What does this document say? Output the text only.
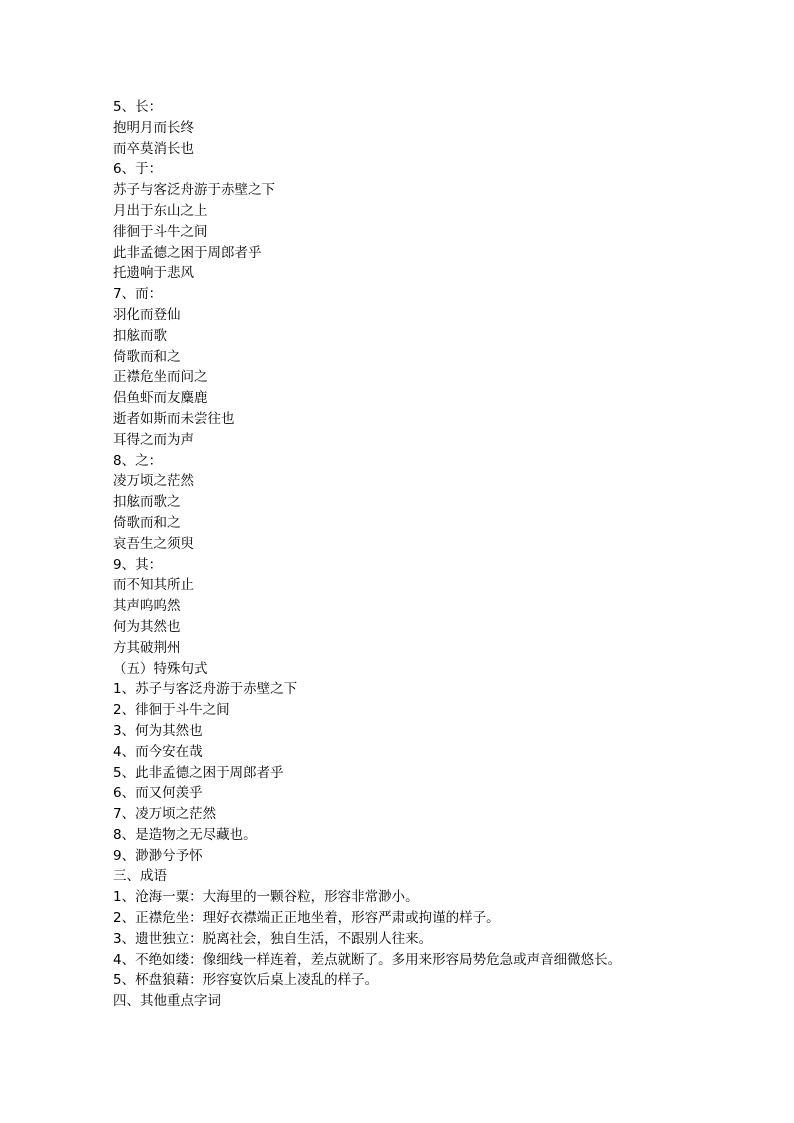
5、长：
抱明月而长终
而卒莫消长也
6、于：
苏子与客泛舟游于赤壁之下
月出于东山之上
徘徊于斗牛之间
此非孟德之困于周郎者乎
托遗响于悲风
7、而：
羽化而登仙
扣舷而歌
倚歌而和之
正襟危坐而问之
侣鱼虾而友麋鹿
逝者如斯而未尝往也
耳得之而为声
8、之：
凌万顷之茫然
扣舷而歌之
倚歌而和之
哀吾生之须臾
9、其：
而不知其所止
其声呜呜然
何为其然也
方其破荆州
（五）特殊句式
1、苏子与客泛舟游于赤壁之下
2、徘徊于斗牛之间
3、何为其然也
4、而今安在哉
5、此非孟德之困于周郎者乎
6、而又何羡乎
7、凌万顷之茫然
8、是造物之无尽藏也。
9、渺渺兮予怀
三、成语
1、沧海一粟：大海里的一颗谷粒，形容非常渺小。
2、正襟危坐：理好衣襟端正正地坐着，形容严肃或拘谨的样子。
3、遗世独立：脱离社会，独自生活，不跟别人往来。
4、不绝如缕：像细线一样连着，差点就断了。多用来形容局势危急或声音细微悠长。
5、杯盘狼藉：形容宴饮后桌上凌乱的样子。
四、其他重点字词
